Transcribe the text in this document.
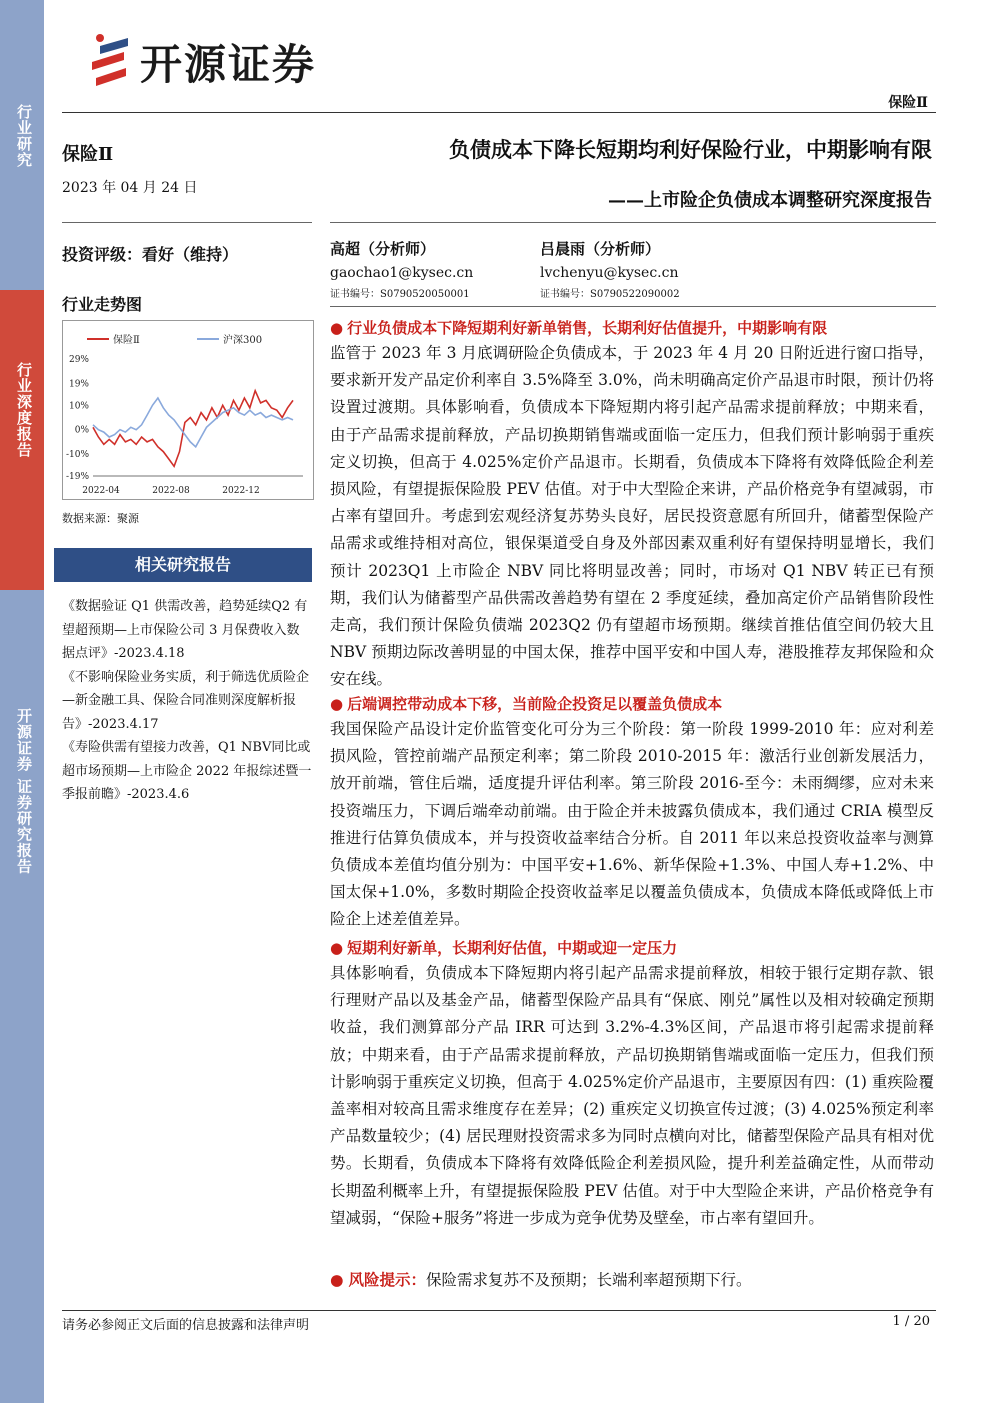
行业研究
行业深度报告
开源证券 证券研究报告
开源证券
保险Ⅱ
保险Ⅱ
2023 年 04 月 24 日
投资评级：看好（维持）
行业走势图
29%
19%
10%
0%
-10%
-19%
2022-04	2022-08	2022-12
保险Ⅱ	沪深300
数据来源：聚源
相关研究报告
《数据验证 Q1 供需改善，趋势延续Q2 有望超预期—上市保险公司 3 月保费收入数据点评》-2023.4.18
《不影响保险业务实质，利于筛选优质险企—新金融工具、保险合同准则深度解析报告》-2023.4.17
《寿险供需有望接力改善，Q1 NBV同比或超市场预期—上市险企 2022 年报综述暨一季报前瞻》-2023.4.6
负债成本下降长短期均利好保险行业，中期影响有限
——上市险企负债成本调整研究深度报告
高超（分析师）
gaochao1@kysec.cn
证书编号：S0790520050001
吕晨雨（分析师）
lvchenyu@kysec.cn
证书编号：S0790522090002
● 行业负债成本下降短期利好新单销售，长期利好估值提升，中期影响有限
监管于 2023 年 3 月底调研险企负债成本，于 2023 年 4 月 20 日附近进行窗口指导，要求新开发产品定价利率自 3.5%降至 3.0%，尚未明确高定价产品退市时限，预计仍将设置过渡期。具体影响看，负债成本下降短期内将引起产品需求提前释放；中期来看，由于产品需求提前释放，产品切换期销售端或面临一定压力，但我们预计影响弱于重疾定义切换，但高于 4.025%定价产品退市。长期看，负债成本下降将有效降低险企利差损风险，有望提振保险股 PEV 估值。对于中大型险企来讲，产品价格竞争有望减弱，市占率有望回升。考虑到宏观经济复苏势头良好，居民投资意愿有所回升，储蓄型保险产品需求或维持相对高位，银保渠道受自身及外部因素双重利好有望保持明显增长，我们预计 2023Q1 上市险企 NBV 同比将明显改善；同时，市场对 Q1 NBV 转正已有预期，我们认为储蓄型产品供需改善趋势有望在 2 季度延续，叠加高定价产品销售阶段性走高，我们预计保险负债端 2023Q2 仍有望超市场预期。继续首推估值空间仍较大且 NBV 预期边际改善明显的中国太保，推荐中国平安和中国人寿，港股推荐友邦保险和众安在线。
● 后端调控带动成本下移，当前险企投资足以覆盖负债成本
我国保险产品设计定价监管变化可分为三个阶段：第一阶段 1999-2010 年：应对利差损风险，管控前端产品预定利率；第二阶段 2010-2015 年：激活行业创新发展活力，放开前端，管住后端，适度提升评估利率。第三阶段 2016-至今：未雨绸缪，应对未来投资端压力，下调后端牵动前端。由于险企并未披露负债成本，我们通过 CRIA 模型反推进行估算负债成本，并与投资收益率结合分析。自 2011 年以来总投资收益率与测算负债成本差值均值分别为：中国平安+1.6%、新华保险+1.3%、中国人寿+1.2%、中国太保+1.0%，多数时期险企投资收益率足以覆盖负债成本，负债成本降低或降低上市险企上述差值差异。
● 短期利好新单，长期利好估值，中期或迎一定压力
具体影响看，负债成本下降短期内将引起产品需求提前释放，相较于银行定期存款、银行理财产品以及基金产品，储蓄型保险产品具有“保底、刚兑”属性以及相对较确定预期收益，我们测算部分产品 IRR 可达到 3.2%-4.3%区间，产品退市将引起需求提前释放；中期来看，由于产品需求提前释放，产品切换期销售端或面临一定压力，但我们预计影响弱于重疾定义切换，但高于 4.025%定价产品退市，主要原因有四：(1) 重疾险覆盖率相对较高且需求维度存在差异；(2) 重疾定义切换宣传过渡；(3) 4.025%预定利率产品数量较少；(4) 居民理财投资需求多为同时点横向对比，储蓄型保险产品具有相对优势。长期看，负债成本下降将有效降低险企利差损风险，提升利差益确定性，从而带动长期盈利概率上升，有望提振保险股 PEV 估值。对于中大型险企来讲，产品价格竞争有望减弱，“保险+服务”将进一步成为竞争优势及壁垒，市占率有望回升。
● 风险提示：保险需求复苏不及预期；长端利率超预期下行。
请务必参阅正文后面的信息披露和法律声明	1 / 20
